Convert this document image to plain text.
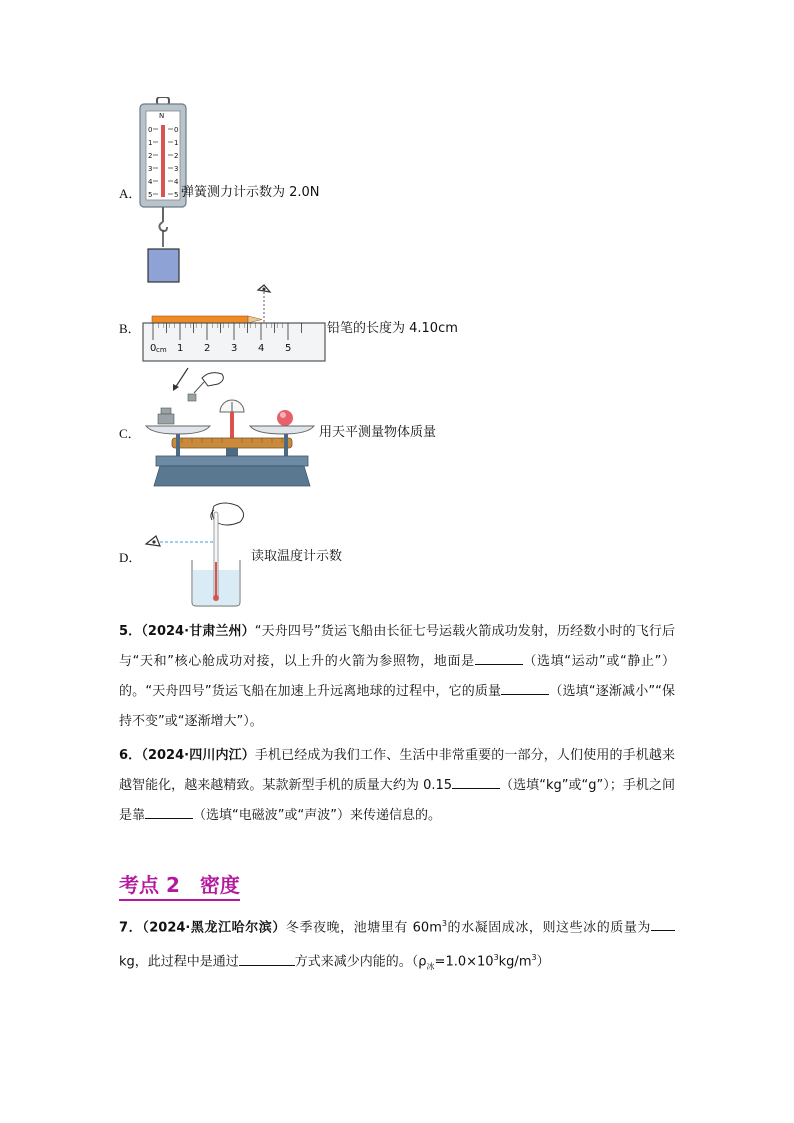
N
0
1
2
3
4
5
0
1
2
3
4
5
A．	弹簧测力计示数为 2.0N
0 cm 1 2 3 4 5
B．	铅笔的长度为 4.10cm
C．	用天平测量物体质量
D．	读取温度计示数
5．（2024·甘肃兰州）“天舟四号”货运飞船由长征七号运载火箭成功发射，历经数小时的飞行后与“天和”核心舱成功对接，以上升的火箭为参照物，地面是	（选填“运动”或“静止”）的。“天舟四号”货运飞船在加速上升远离地球的过程中，它的质量	（选填“逐渐减小”“保持不变”或“逐渐增大”）。
6．（2024·四川内江）手机已经成为我们工作、生活中非常重要的一部分，人们使用的手机越来越智能化，越来越精致。某款新型手机的质量大约为 0.15	（选填“kg”或“g”）；手机之间是靠	（选填“电磁波”或“声波”）来传递信息的。
考点 2　密度
7．（2024·黑龙江哈尔滨）冬季夜晚，池塘里有 $60m^3$的水凝固成冰，则这些冰的质量为kg，此过程中是通过	方式来减少内能的。$(\rho_冰=1.0\times 10^3kg/m^3)$
